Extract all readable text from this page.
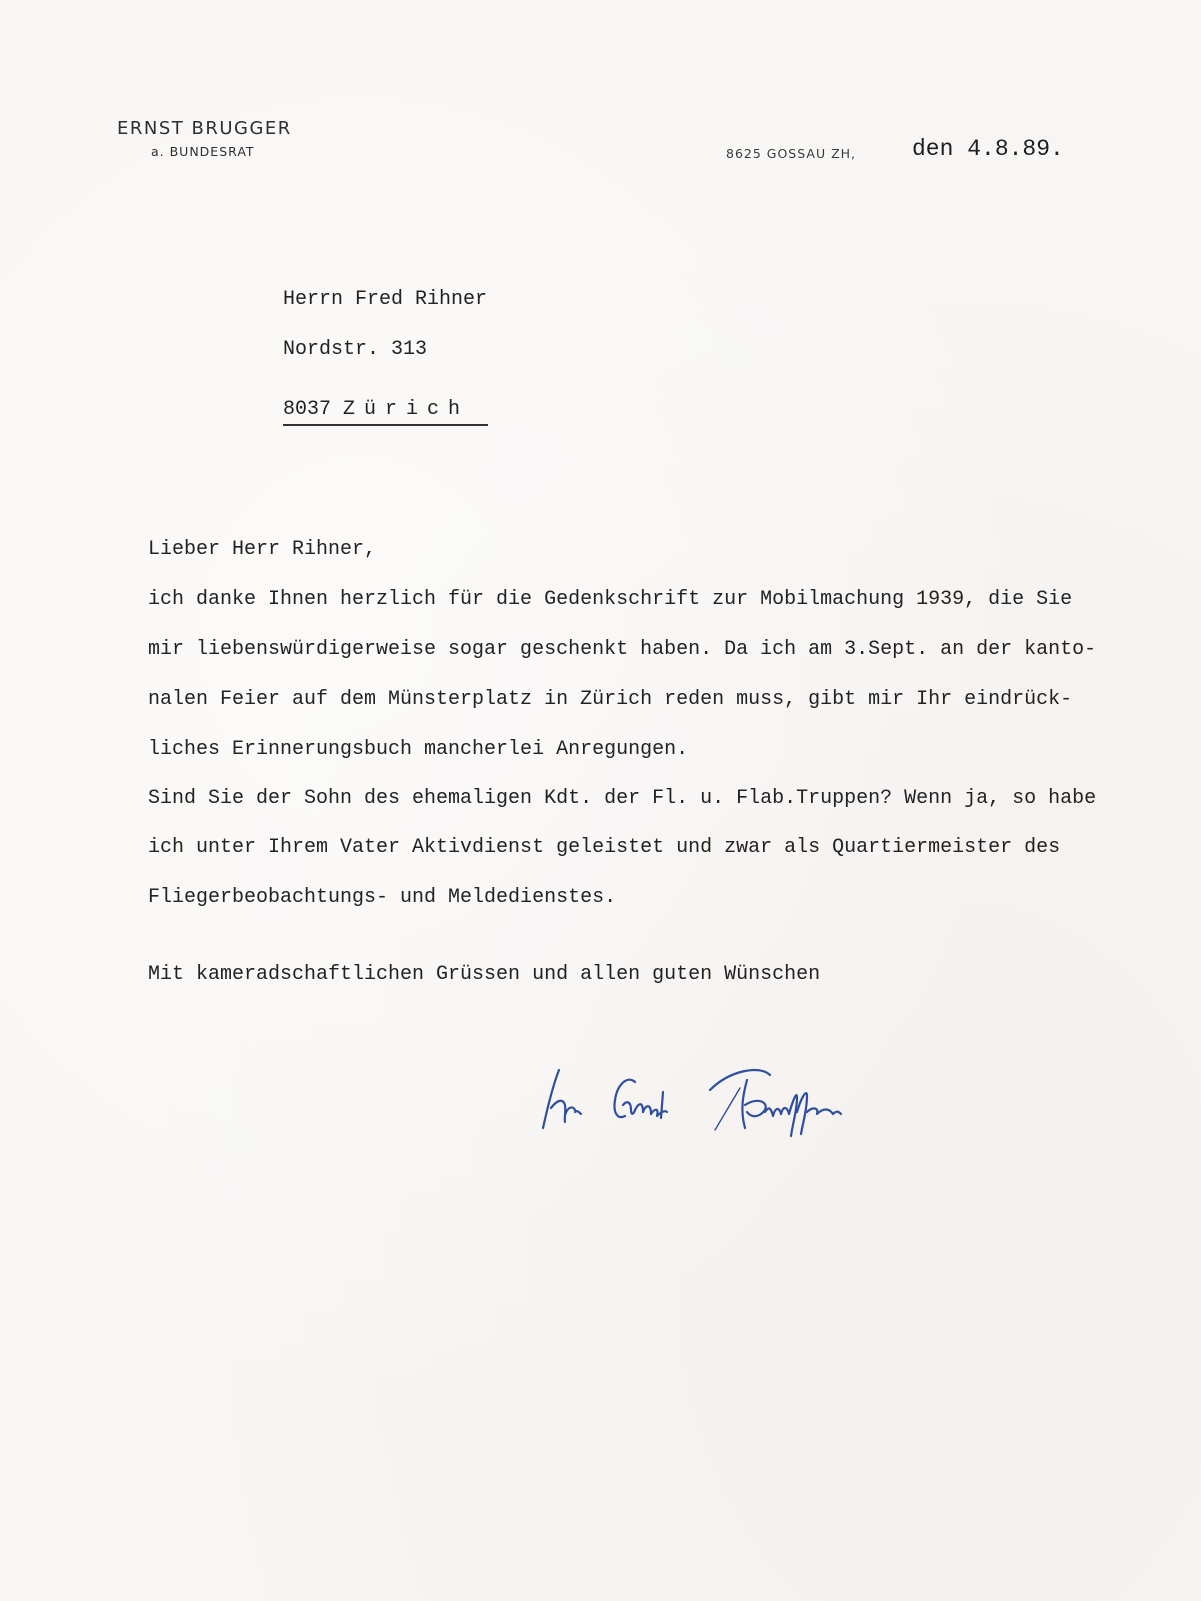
ERNST BRUGGER
a. BUNDESRAT	8625 GOSSAU ZH, den 4.8.89.
Herrn Fred Rihner
Nordstr. 313
8037 Zürich
Lieber Herr Rihner,
ich danke Ihnen herzlich für die Gedenkschrift zur Mobilmachung 1939, die Sie
mir liebenswürdigerweise sogar geschenkt haben. Da ich am 3.Sept. an der kanto-
nalen Feier auf dem Münsterplatz in Zürich reden muss, gibt mir Ihr eindrück-
liches Erinnerungsbuch mancherlei Anregungen.
Sind Sie der Sohn des ehemaligen Kdt. der Fl. u. Flab.Truppen? Wenn ja, so habe
ich unter Ihrem Vater Aktivdienst geleistet und zwar als Quartiermeister des
Fliegerbeobachtungs- und Meldedienstes.
Mit kameradschaftlichen Grüssen und allen guten Wünschen
